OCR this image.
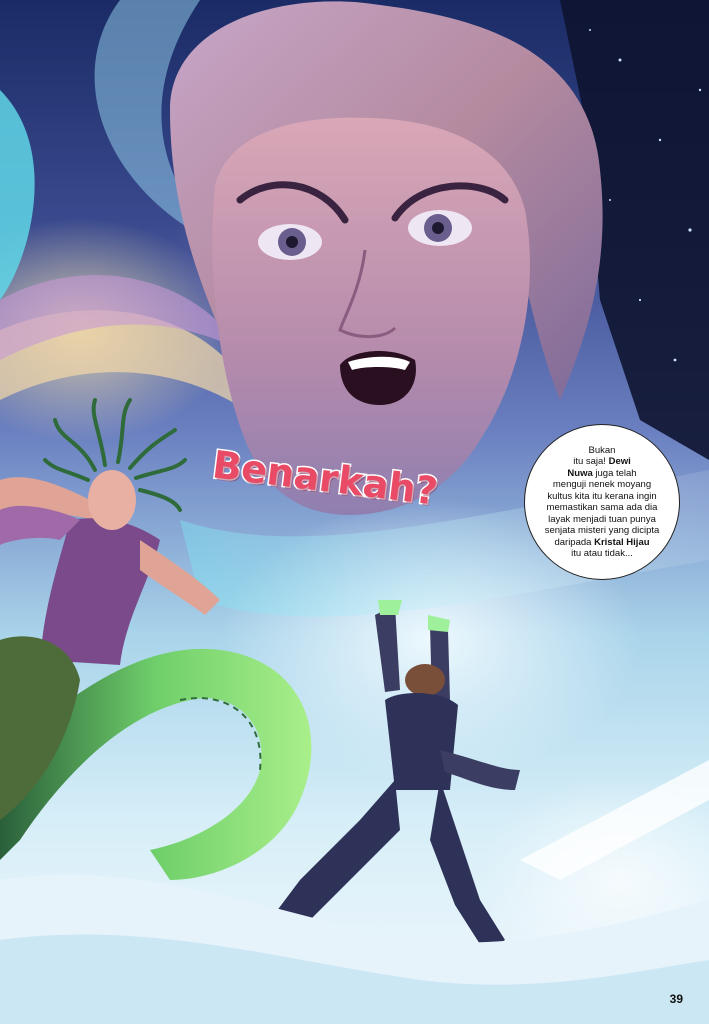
Benarkah?	Bukan
itu saja! Dewi
Nuwa juga telah
menguji nenek moyang
kultus kita itu kerana ingin
memastikan sama ada dia
layak menjadi tuan punya
senjata misteri yang dicipta
daripada Kristal Hijau
itu atau tidak...
39
